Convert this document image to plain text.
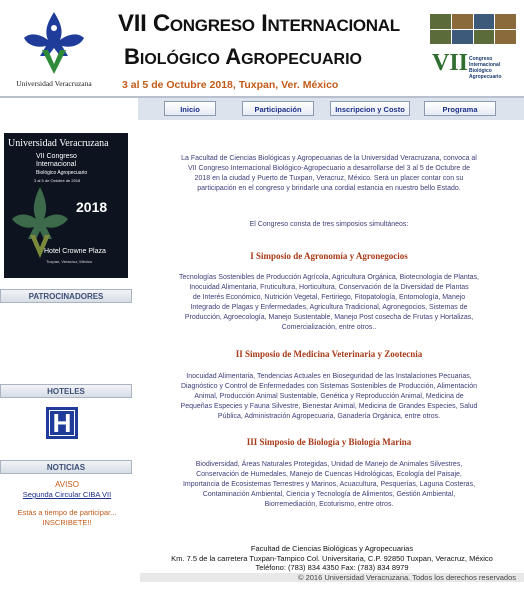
Universidad Veracruzana
VII CONGRESO INTERNACIONAL
BIOLÓGICO AGROPECUARIO
3 al 5 de Octubre 2018, Tuxpan, Ver. México
VII Congreso
Internacional
Biológico
Agropecuario
Inicio	Participación	Inscripcion y Costo	Programa
Universidad Veracruzana
VII Congreso
Internacional
Biológico Agropecuario
3 al 5 de Octubre de 2018
2018
Hotel Crowne Plaza
Tuxpan, Veracruz, México
PATROCINADORES
HOTELES
H
NOTICIAS
AVISO
Segunda Circular CIBA VII
Estás a tiempo de participar...
INSCRIBETE!!
La Facultad de Ciencias Biológicas y Agropecuarias de la Universidad Veracruzana, convoca al
VII Congreso Internacional Biológico-Agropecuario a desarrollarse del 3 al 5 de Octubre de
2018 en la ciudad y Puerto de Tuxpan, Veracruz, México. Será un placer contar con su
participación en el congreso y brindarle una cordial estancia en nuestro bello Estado.
El Congreso consta de tres simposios simultáneos:
I Simposio de Agronomía y Agronegocios
Tecnologías Sostenibles de Producción Agrícola, Agricultura Orgánica, Biotecnología de Plantas,
Inocuidad Alimentaria, Fruticultura, Horticultura, Conservación de la Diversidad de Plantas
de Interés Económico, Nutrición Vegetal, Fertiriego, Fitopatología, Entomología, Manejo
Integrado de Plagas y Enfermedades, Agricultura Tradicional, Agronegocios, Sistemas de
Producción, Agroecología, Manejo Sustentable, Manejo Post cosecha de Frutas y Hortalizas,
Comercialización, entre otros..
II Simposio de Medicina Veterinaria y Zootecnia
Inocuidad Alimentaria, Tendencias Actuales en Bioseguridad de las Instalaciones Pecuarias,
Diagnóstico y Control de Enfermedades con Sistemas Sostenibles de Producción, Alimentación
Animal, Producción Animal Sustentable, Genética y Reproducción Animal, Medicina de
Pequeñas Especies y Fauna Silvestre, Bienestar Animal, Medicina de Grandes Especies, Salud
Pública, Administración Agropecuaria, Ganadería Orgánica, entre otros.
III Simposio de Biología y Biología Marina
Biodiversidad, Áreas Naturales Protegidas, Unidad de Manejo de Animales Silvestres,
Conservación de Humedales, Manejo de Cuencas Hidrológicas, Ecología del Paisaje,
Importancia de Ecosistemas Terrestres y Marinos, Acuacultura, Pesquerías, Laguna Costeras,
Contaminación Ambiental, Ciencia y Tecnología de Alimentos, Gestión Ambiental,
Biorremediación, Ecoturismo, entre otros.
Facultad de Ciencias Biológicas y Agropecuarias
Km. 7.5 de la carretera Tuxpan-Tampico Col. Universitaria, C.P. 92850 Tuxpan, Veracruz, México
Teléfono: (783) 834 4350 Fax: (783) 834 8979
© 2016 Universidad Veracruzana. Todos los derechos reservados
